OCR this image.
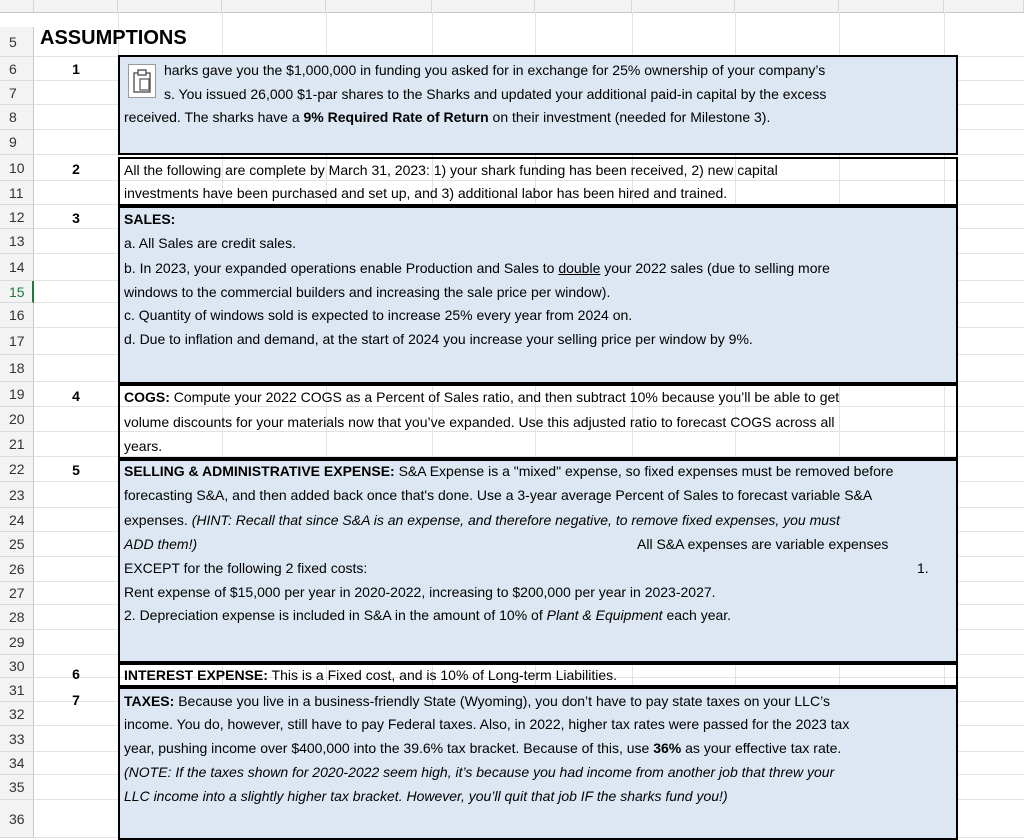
5
6
7
8
9
10
11
12
13
14
15
16
17
18
19
20
21
22
23
24
25
26
27
28
29
30
31
32
33
34
35
36
ASSUMPTIONS
1	harks gave you the $1,000,000 in funding you asked for in exchange for 25% ownership of your company’s
s. You issued 26,000 $1-par shares to the Sharks and updated your additional paid-in capital by the excess
received. The sharks have a 9% Required Rate of Return on their investment (needed for Milestone 3).
2	All the following are complete by March 31, 2023: 1) your shark funding has been received, 2) new capital
investments have been purchased and set up, and 3) additional labor has been hired and trained.
3	SALES:
a. All Sales are credit sales.
b. In 2023, your expanded operations enable Production and Sales to double your 2022 sales (due to selling more
windows to the commercial builders and increasing the sale price per window).
c. Quantity of windows sold is expected to increase 25% every year from 2024 on.
d. Due to inflation and demand, at the start of 2024 you increase your selling price per window by 9%.
4	COGS: Compute your 2022 COGS as a Percent of Sales ratio, and then subtract 10% because you’ll be able to get
volume discounts for your materials now that you’ve expanded. Use this adjusted ratio to forecast COGS across all
years.
5	SELLING & ADMINISTRATIVE EXPENSE: S&A Expense is a "mixed" expense, so fixed expenses must be removed before
forecasting S&A, and then added back once that's done. Use a 3-year average Percent of Sales to forecast variable S&A
expenses. (HINT: Recall that since S&A is an expense, and therefore negative, to remove fixed expenses, you must
ADD them!)	All S&A expenses are variable expenses
EXCEPT for the following 2 fixed costs:	1.
Rent expense of $15,000 per year in 2020-2022, increasing to $200,000 per year in 2023-2027.
2. Depreciation expense is included in S&A in the amount of 10% of Plant & Equipment each year.
6	INTEREST EXPENSE: This is a Fixed cost, and is 10% of Long-term Liabilities.
7	TAXES: Because you live in a business-friendly State (Wyoming), you don’t have to pay state taxes on your LLC’s
income. You do, however, still have to pay Federal taxes. Also, in 2022, higher tax rates were passed for the 2023 tax
year, pushing income over $400,000 into the 39.6% tax bracket. Because of this, use 36% as your effective tax rate.
(NOTE: If the taxes shown for 2020-2022 seem high, it’s because you had income from another job that threw your
LLC income into a slightly higher tax bracket. However, you’ll quit that job IF the sharks fund you!)
